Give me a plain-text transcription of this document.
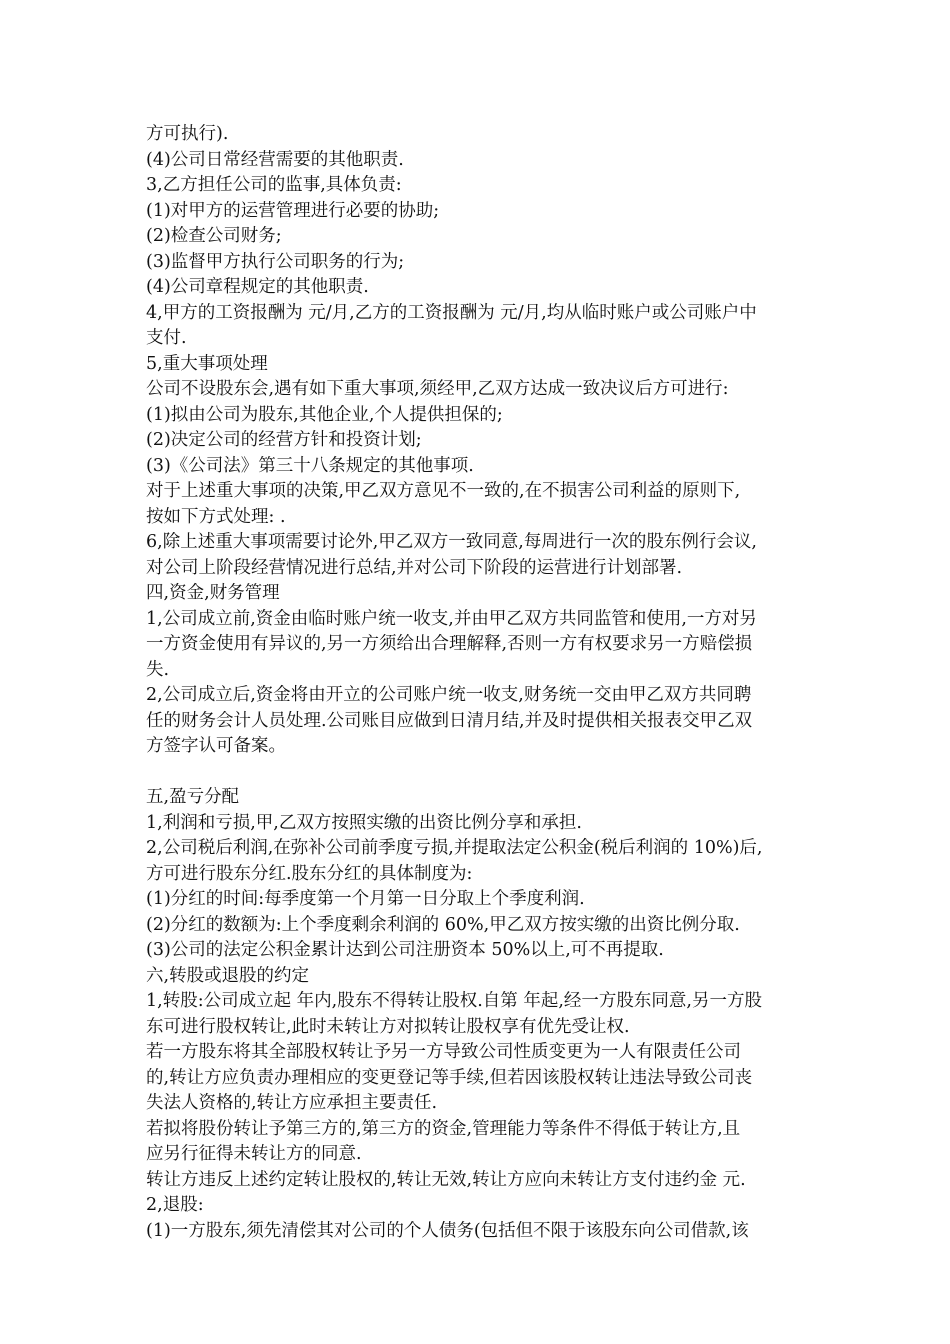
方可执行).
(4)公司日常经营需要的其他职责.
3,乙方担任公司的监事,具体负责:
(1)对甲方的运营管理进行必要的协助;
(2)检查公司财务;
(3)监督甲方执行公司职务的行为;
(4)公司章程规定的其他职责.
4,甲方的工资报酬为 元/月,乙方的工资报酬为 元/月,均从临时账户或公司账户中
支付.
5,重大事项处理
公司不设股东会,遇有如下重大事项,须经甲,乙双方达成一致决议后方可进行:
(1)拟由公司为股东,其他企业,个人提供担保的;
(2)决定公司的经营方针和投资计划;
(3)《公司法》第三十八条规定的其他事项.
对于上述重大事项的决策,甲乙双方意见不一致的,在不损害公司利益的原则下,
按如下方式处理: .
6,除上述重大事项需要讨论外,甲乙双方一致同意,每周进行一次的股东例行会议,
对公司上阶段经营情况进行总结,并对公司下阶段的运营进行计划部署.
四,资金,财务管理
1,公司成立前,资金由临时账户统一收支,并由甲乙双方共同监管和使用,一方对另
一方资金使用有异议的,另一方须给出合理解释,否则一方有权要求另一方赔偿损
失.
2,公司成立后,资金将由开立的公司账户统一收支,财务统一交由甲乙双方共同聘
任的财务会计人员处理.公司账目应做到日清月结,并及时提供相关报表交甲乙双
方签字认可备案。
五,盈亏分配
1,利润和亏损,甲,乙双方按照实缴的出资比例分享和承担.
2,公司税后利润,在弥补公司前季度亏损,并提取法定公积金(税后利润的 10%)后,
方可进行股东分红.股东分红的具体制度为:
(1)分红的时间:每季度第一个月第一日分取上个季度利润.
(2)分红的数额为:上个季度剩余利润的 60%,甲乙双方按实缴的出资比例分取.
(3)公司的法定公积金累计达到公司注册资本 50%以上,可不再提取.
六,转股或退股的约定
1,转股:公司成立起 年内,股东不得转让股权.自第 年起,经一方股东同意,另一方股
东可进行股权转让,此时未转让方对拟转让股权享有优先受让权.
若一方股东将其全部股权转让予另一方导致公司性质变更为一人有限责任公司
的,转让方应负责办理相应的变更登记等手续,但若因该股权转让违法导致公司丧
失法人资格的,转让方应承担主要责任.
若拟将股份转让予第三方的,第三方的资金,管理能力等条件不得低于转让方,且
应另行征得未转让方的同意.
转让方违反上述约定转让股权的,转让无效,转让方应向未转让方支付违约金 元.
2,退股:
(1)一方股东,须先清偿其对公司的个人债务(包括但不限于该股东向公司借款,该
